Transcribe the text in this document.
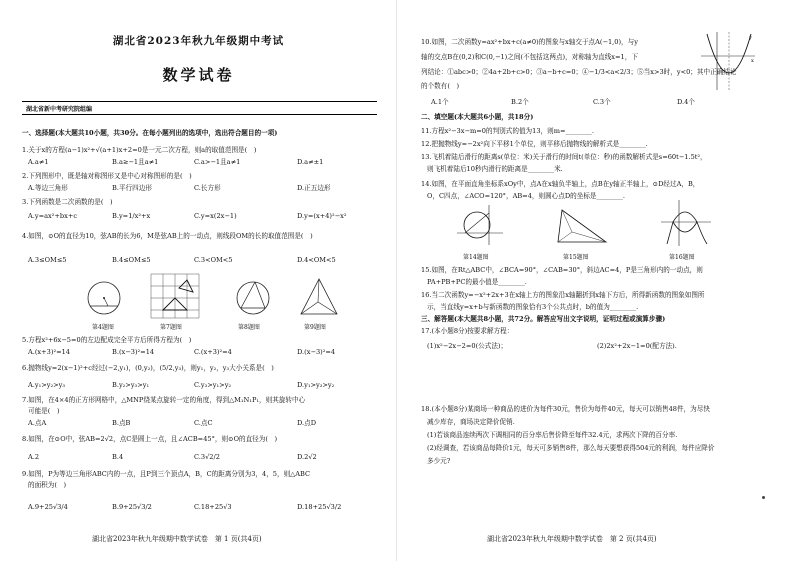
湖北省2023年秋九年级期中考试
数学试卷
湖北省新中考研究院组编
一、选择题(本大题共10小题，共30分。在每小题列出的选项中，选出符合题目的一项)
1.关于x的方程(a−1)x²+√(a+1)x+2=0是一元二次方程，则a的取值范围是(　)
A.a≠1	B.a≥−1且a≠1	C.a>−1且a≠1	D.a≠±1
2.下列图形中，既是轴对称图形又是中心对称图形的是(　)
A.等边三角形	B.平行四边形	C.长方形	D.正五边形
3.下列函数是二次函数的是(　)
A.y=ax²+bx+c	B.y=1/x²+x	C.y=x(2x−1)	D.y=(x+4)²−x²
4.如图，⊙O的直径为10，弦AB的长为6，M是弦AB上的一动点，则线段OM的长的取值范围是(　)
A.3≤OM≤5	B.4≤OM≤5	C.3<OM<5	D.4<OM<5
第4题图	第7题图	第8题图	第9题图
5.方程x²+6x−5=0的左边配成完全平方后所得方程为(　)
A.(x+3)²=14	B.(x−3)²=14	C.(x+3)²=4	D.(x−3)²=4
6.抛物线y=2(x−1)²+c经过(−2,y₁)，(0,y₂)，(5/2,y₃)，则y₁，y₂，y₃大小关系是(　)
A.y₁>y₂>y₃	B.y₂>y₃>y₁	C.y₃>y₁>y₂	D.y₁>y₃>y₂
7.如图，在4×4的正方形网格中，△MNP绕某点旋转一定的角度，得到△M₁N₁P₁，则其旋转中心
可能是(　)
A.点A	B.点B	C.点C	D.点D
8.如图，在⊙O中，弦AB=2√2，点C是圆上一点，且∠ACB=45°，则⊙O的直径为(　)
A.2	B.4	C.3√2/2	D.2√2
9.如图，P为等边三角形ABC内的一点，且P到三个顶点A，B，C的距离分别为3，4，5，则△ABC
的面积为(　)
A.9+25√3/4	B.9+25√3/2	C.18+25√3	D.18+25√3/2
湖北省2023年秋九年级期中数学试卷　第 1 页(共4页)
10.如图，二次函数y=ax²+bx+c(a≠0)的图象与x轴交于点A(−1,0)，与y
轴的交点B在(0,2)和C(0,−1)之间(不包括这两点)，对称轴为直线x=1，下
列结论：①abc>0；②4a+2b+c>0；③a−b+c=0；④−1/3<a<2/3；⑤当x>3时，y<0；其中正确结论
的个数有(　)
y
x
A.1个	B.2个	C.3个	D.4个
二、填空题(本大题共6小题，共18分)
11.方程x²−3x−m=0的判别式的值为13，则m=________.
12.把抛物线y=−2x²向下平移1个单位，则平移后抛物线的解析式是________.
13.飞机着陆后滑行的距离s(单位：米)关于滑行的时间t(单位：秒)的函数解析式是s=60t−1.5t²，
则飞机着陆后10秒内滑行的距离是________米.
14.如图，在平面直角坐标系xOy中，点A在x轴负半轴上，点B在y轴正半轴上，⊙D经过A，B，
O，C四点，∠ACO=120°，AB=4，则圆心点D的坐标是________.
第14题图	第15题图	第16题图
15.如图，在Rt△ABC中，∠BCA=90°，∠CAB=30°，斜边AC=4，P是三角形内的一动点，则
PA+PB+PC的最小值是________.
16.当二次函数y=−x²+2x+3在x轴上方的图象沿x轴翻折到x轴下方后，所得新函数的图象如图所
示，当直线y=x+b与新函数的图象恰有3个公共点时，b的值为________.
三、解答题(本大题共8小题，共72分。解答应写出文字说明，证明过程或演算步骤)
17.(本小题8分)按要求解方程：
(1)x²−2x−2=0(公式法)；	(2)2x²+2x−1=0(配方法).
18.(本小题8分)某商场一种商品的进价为每件30元，售价为每件40元，每天可以销售48件，为尽快
减少库存，商场决定降价促销.
(1)若该商品连续两次下调相同的百分率后售价降至每件32.4元，求两次下降的百分率.
(2)经调查，若该商品每降价1元，每天可多销售8件，那么每天要想获得504元的利润，每件应降价
多少元?
湖北省2023年秋九年级期中数学试卷　第 2 页(共4页)
